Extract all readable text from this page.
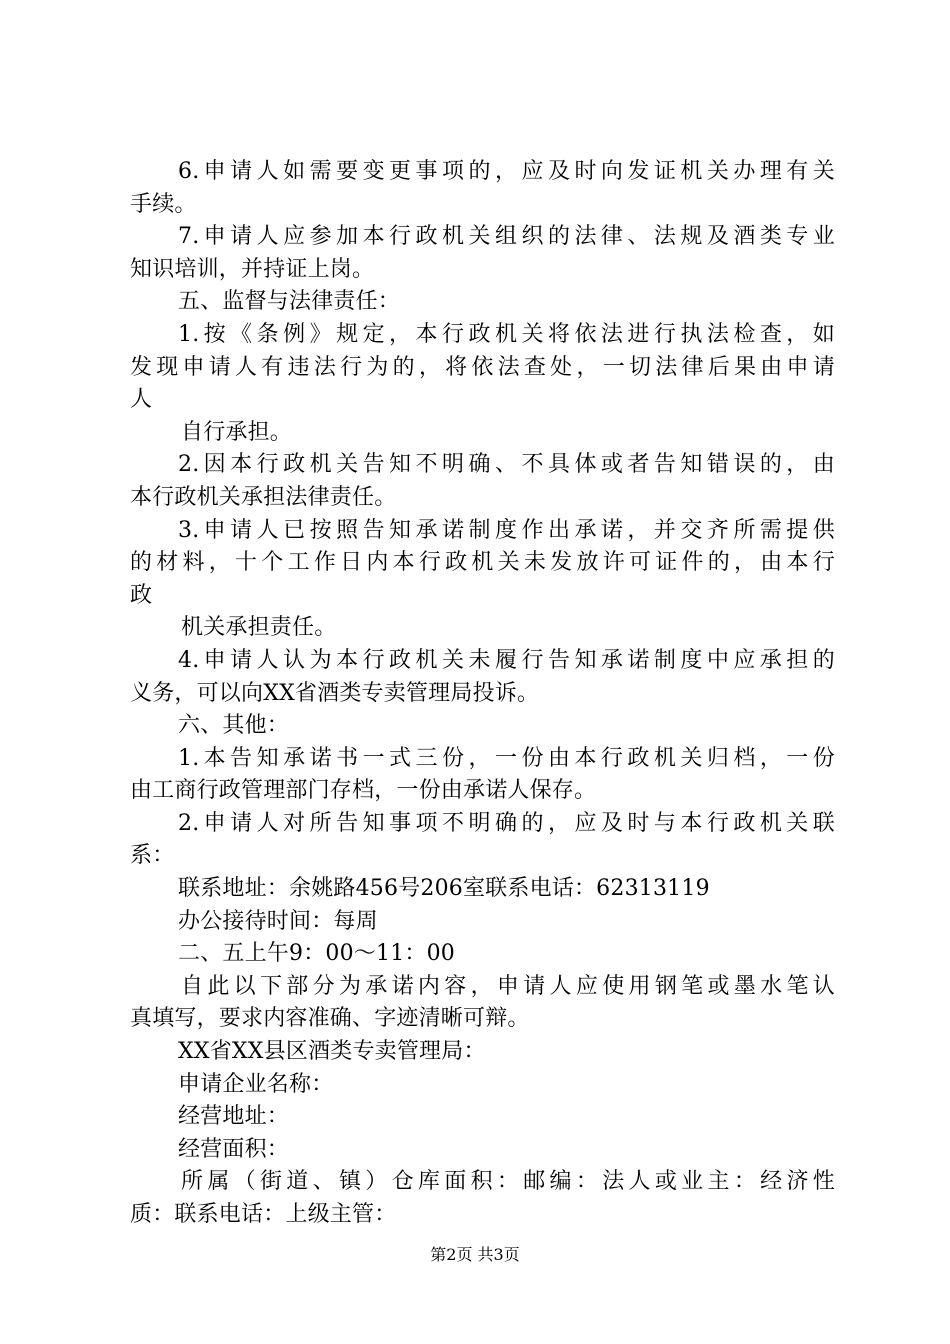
6.申请人如需要变更事项的，应及时向发证机关办理有关
手续。
7.申请人应参加本行政机关组织的法律、法规及酒类专业
知识培训，并持证上岗。
五、监督与法律责任：
1.按《条例》规定，本行政机关将依法进行执法检查，如
发现申请人有违法行为的，将依法查处，一切法律后果由申请
人
自行承担。
2.因本行政机关告知不明确、不具体或者告知错误的，由
本行政机关承担法律责任。
3.申请人已按照告知承诺制度作出承诺，并交齐所需提供
的材料，十个工作日内本行政机关未发放许可证件的，由本行
政
机关承担责任。
4.申请人认为本行政机关未履行告知承诺制度中应承担的
义务，可以向XX省酒类专卖管理局投诉。
六、其他：
1.本告知承诺书一式三份，一份由本行政机关归档，一份
由工商行政管理部门存档，一份由承诺人保存。
2.申请人对所告知事项不明确的，应及时与本行政机关联
系：
联系地址：余姚路456号206室联系电话：62313119
办公接待时间：每周
二、五上午9：00～11：00
自此以下部分为承诺内容，申请人应使用钢笔或墨水笔认
真填写，要求内容准确、字迹清晰可辩。
XX省XX县区酒类专卖管理局：
申请企业名称：
经营地址：
经营面积：
所属（街道、镇）仓库面积：邮编：法人或业主：经济性
质：联系电话：上级主管：
第2页 共3页
